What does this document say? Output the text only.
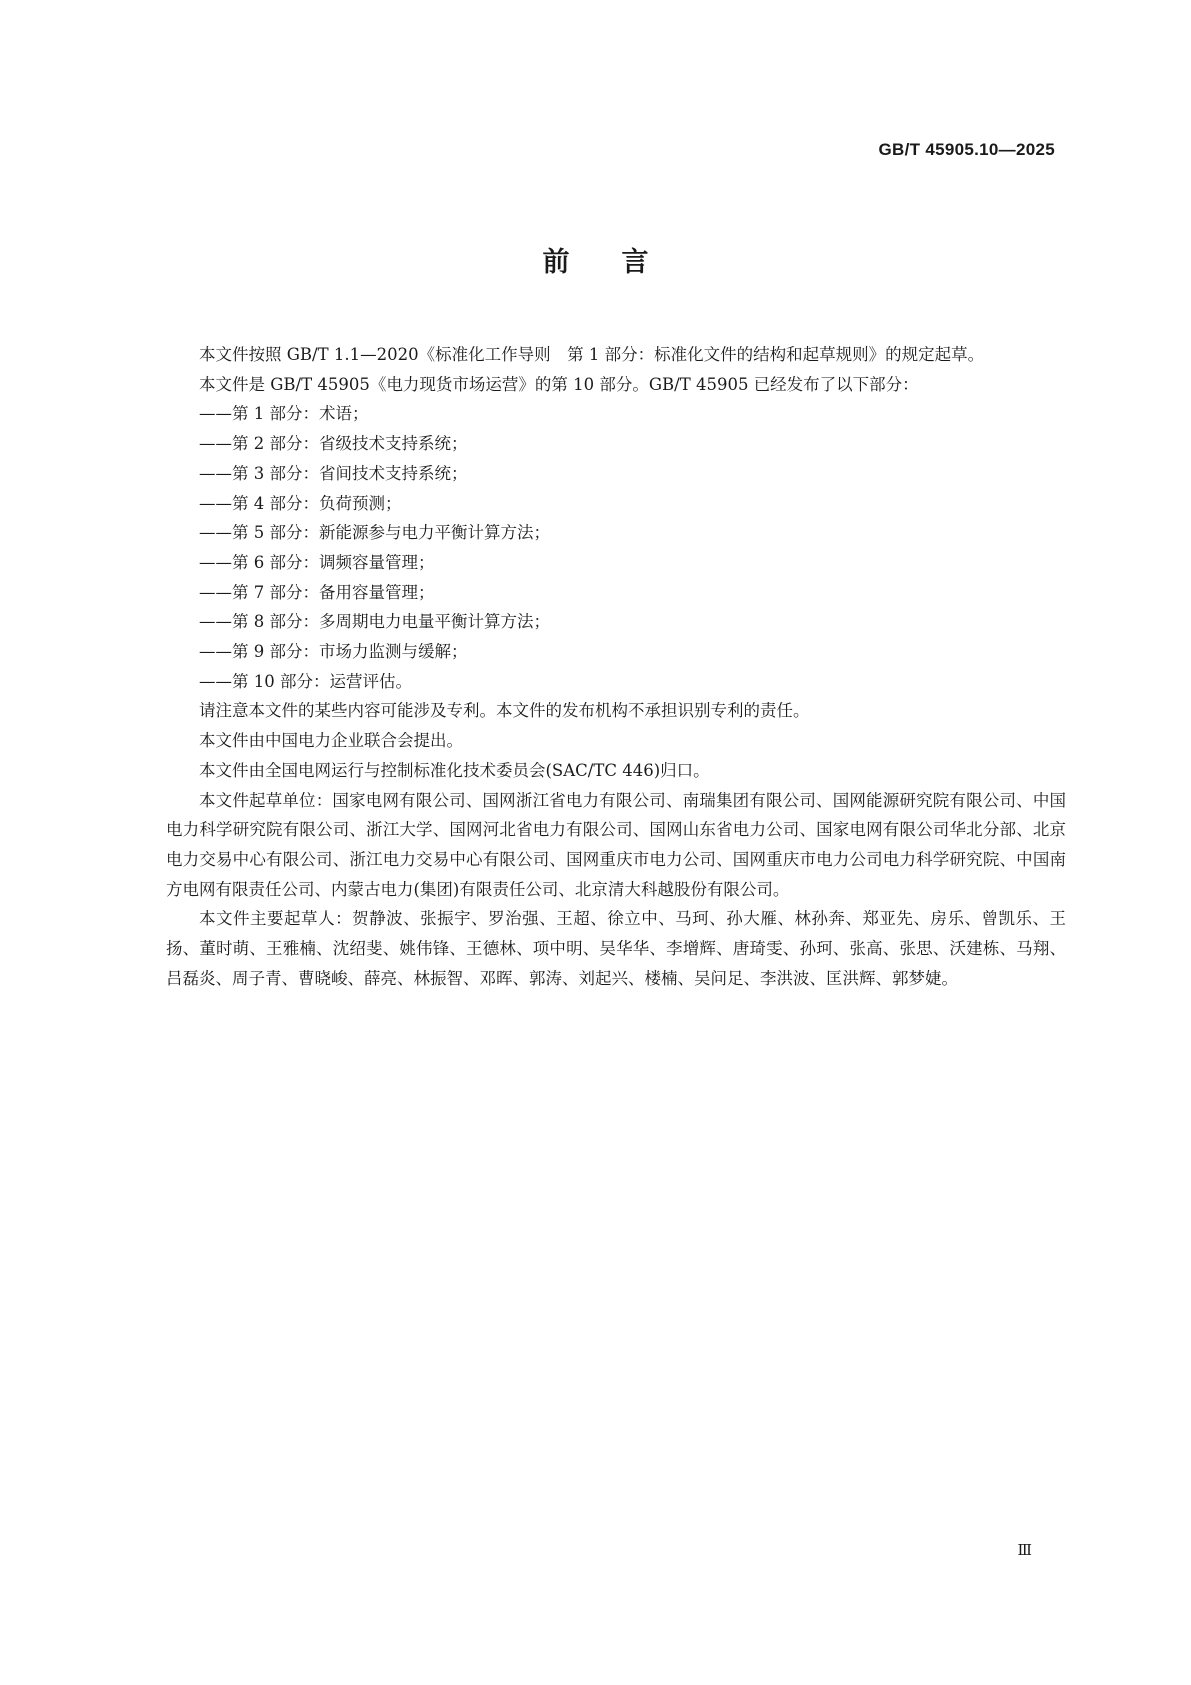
GB/T 45905.10—2025
前言

本文件按照 GB/T 1.1—2020《标准化工作导则　第 1 部分：标准化文件的结构和起草规则》的规定起草。

本文件是 GB/T 45905《电力现货市场运营》的第 10 部分。GB/T 45905 已经发布了以下部分：

——第 1 部分：术语；

——第 2 部分：省级技术支持系统；

——第 3 部分：省间技术支持系统；

——第 4 部分：负荷预测；

——第 5 部分：新能源参与电力平衡计算方法；

——第 6 部分：调频容量管理；

——第 7 部分：备用容量管理；

——第 8 部分：多周期电力电量平衡计算方法；

——第 9 部分：市场力监测与缓解；

——第 10 部分：运营评估。

请注意本文件的某些内容可能涉及专利。本文件的发布机构不承担识别专利的责任。

本文件由中国电力企业联合会提出。

本文件由全国电网运行与控制标准化技术委员会(SAC/TC 446)归口。

本文件起草单位：国家电网有限公司、国网浙江省电力有限公司、南瑞集团有限公司、国网能源研究院有限公司、中国电力科学研究院有限公司、浙江大学、国网河北省电力有限公司、国网山东省电力公司、国家电网有限公司华北分部、北京电力交易中心有限公司、浙江电力交易中心有限公司、国网重庆市电力公司、国网重庆市电力公司电力科学研究院、中国南方电网有限责任公司、内蒙古电力(集团)有限责任公司、北京清大科越股份有限公司。

本文件主要起草人：贺静波、张振宇、罗治强、王超、徐立中、马珂、孙大雁、林孙奔、郑亚先、房乐、曾凯乐、王扬、董时萌、王雅楠、沈绍斐、姚伟锋、王德林、项中明、吴华华、李增辉、唐琦雯、孙珂、张高、张思、沃建栋、马翔、吕磊炎、周子青、曹晓峻、薛亮、林振智、邓晖、郭涛、刘起兴、楼楠、吴问足、李洪波、匡洪辉、郭梦婕。

Ⅲ
